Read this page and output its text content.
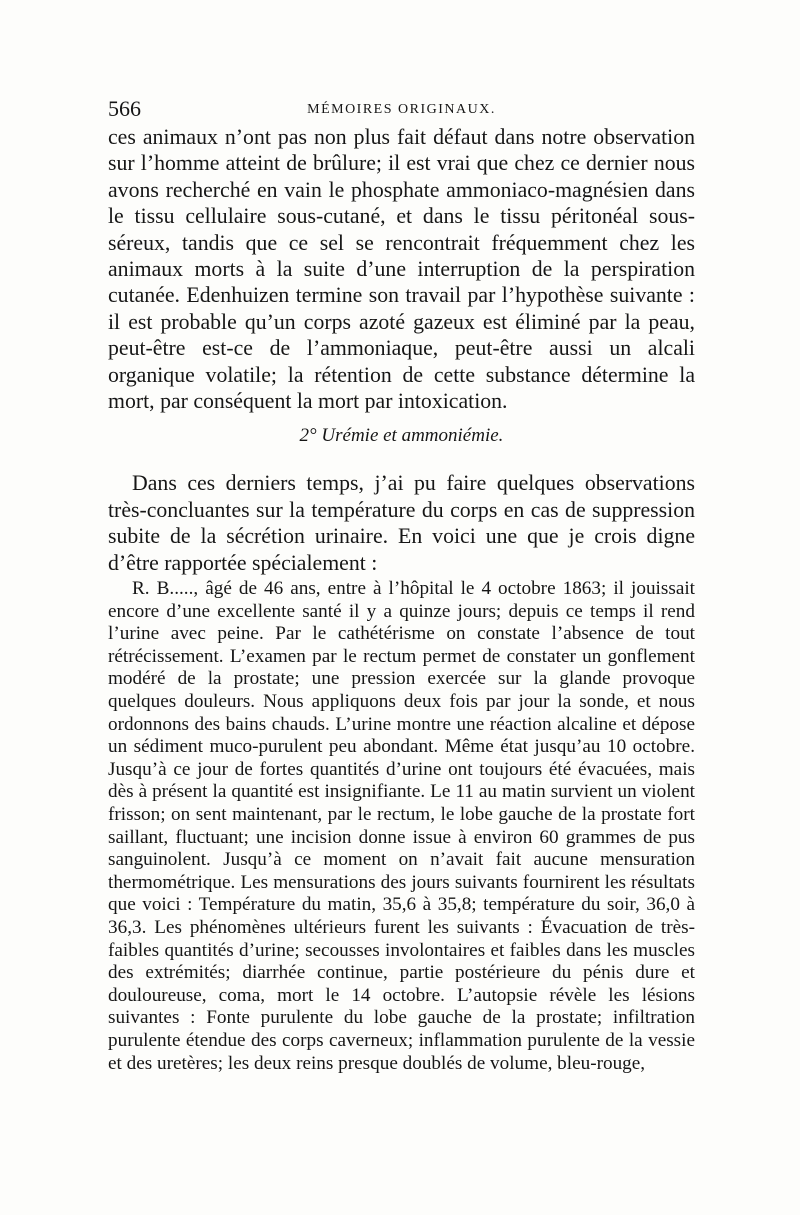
566	MÉMOIRES ORIGINAUX.

ces animaux n’ont pas non plus fait défaut dans notre observation sur l’homme atteint de brûlure; il est vrai que chez ce dernier nous avons recherché en vain le phosphate ammoniaco-magnésien dans le tissu cellulaire sous-cutané, et dans le tissu péritonéal sous-séreux, tandis que ce sel se rencontrait fréquemment chez les animaux morts à la suite d’une interruption de la perspiration cutanée. Edenhuizen termine son travail par l’hypothèse suivante : il est probable qu’un corps azoté gazeux est éliminé par la peau, peut-être est-ce de l’ammoniaque, peut-être aussi un alcali organique volatile; la rétention de cette substance détermine la mort, par conséquent la mort par intoxication.

2° Urémie et ammoniémie.

Dans ces derniers temps, j’ai pu faire quelques observations très-concluantes sur la température du corps en cas de suppression subite de la sécrétion urinaire. En voici une que je crois digne d’être rapportée spécialement :

R. B....., âgé de 46 ans, entre à l’hôpital le 4 octobre 1863; il jouissait encore d’une excellente santé il y a quinze jours; depuis ce temps il rend l’urine avec peine. Par le cathétérisme on constate l’absence de tout rétrécissement. L’examen par le rectum permet de constater un gonflement modéré de la prostate; une pression exercée sur la glande provoque quelques douleurs. Nous appliquons deux fois par jour la sonde, et nous ordonnons des bains chauds. L’urine montre une réaction alcaline et dépose un sédiment muco-purulent peu abondant. Même état jusqu’au 10 octobre. Jusqu’à ce jour de fortes quantités d’urine ont toujours été évacuées, mais dès à présent la quantité est insignifiante. Le 11 au matin survient un violent frisson; on sent maintenant, par le rectum, le lobe gauche de la prostate fort saillant, fluctuant; une incision donne issue à environ 60 grammes de pus sanguinolent. Jusqu’à ce moment on n’avait fait aucune mensuration thermométrique. Les mensurations des jours suivants fournirent les résultats que voici : Température du matin, 35,6 à 35,8; température du soir, 36,0 à 36,3. Les phénomènes ultérieurs furent les suivants : Évacuation de très-faibles quantités d’urine; secousses involontaires et faibles dans les muscles des extrémités; diarrhée continue, partie postérieure du pénis dure et douloureuse, coma, mort le 14 octobre. L’autopsie révèle les lésions suivantes : Fonte purulente du lobe gauche de la prostate; infiltration purulente étendue des corps caverneux; inflammation purulente de la vessie et des uretères; les deux reins presque doublés de volume, bleu-rouge,
